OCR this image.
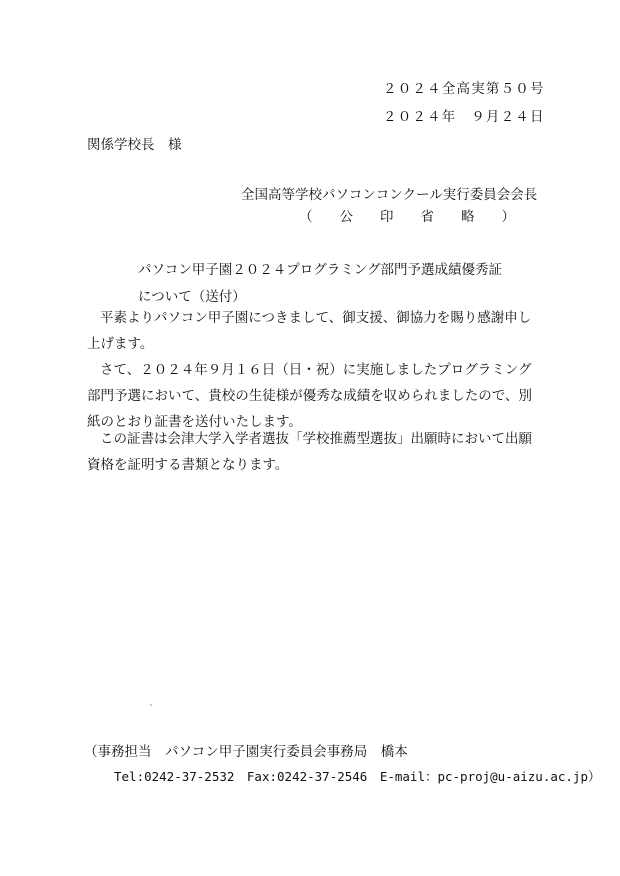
２０２４全高実第５０号
２０２４年　９月２４日
関係学校長　様
全国高等学校パソコンコンクール実行委員会会長
（　　公　　印　　省　　略　　）
パソコン甲子園２０２４プログラミング部門予選成績優秀証
について（送付）

平素よりパソコン甲子園につきまして、御支援、御協力を賜り感謝申し上げます。

さて、２０２４年９月１６日（日・祝）に実施しましたプログラミング部門予選において、貴校の生徒様が優秀な成績を収められましたので、別紙のとおり証書を送付いたします。

この証書は会津大学入学者選抜「学校推薦型選抜」出願時において出願資格を証明する書類となります。

（事務担当　パソコン甲子園実行委員会事務局　橋本
Tel:0242-37-2532　Fax:0242-37-2546　E-mail：pc-proj@u-aizu.ac.jp）
